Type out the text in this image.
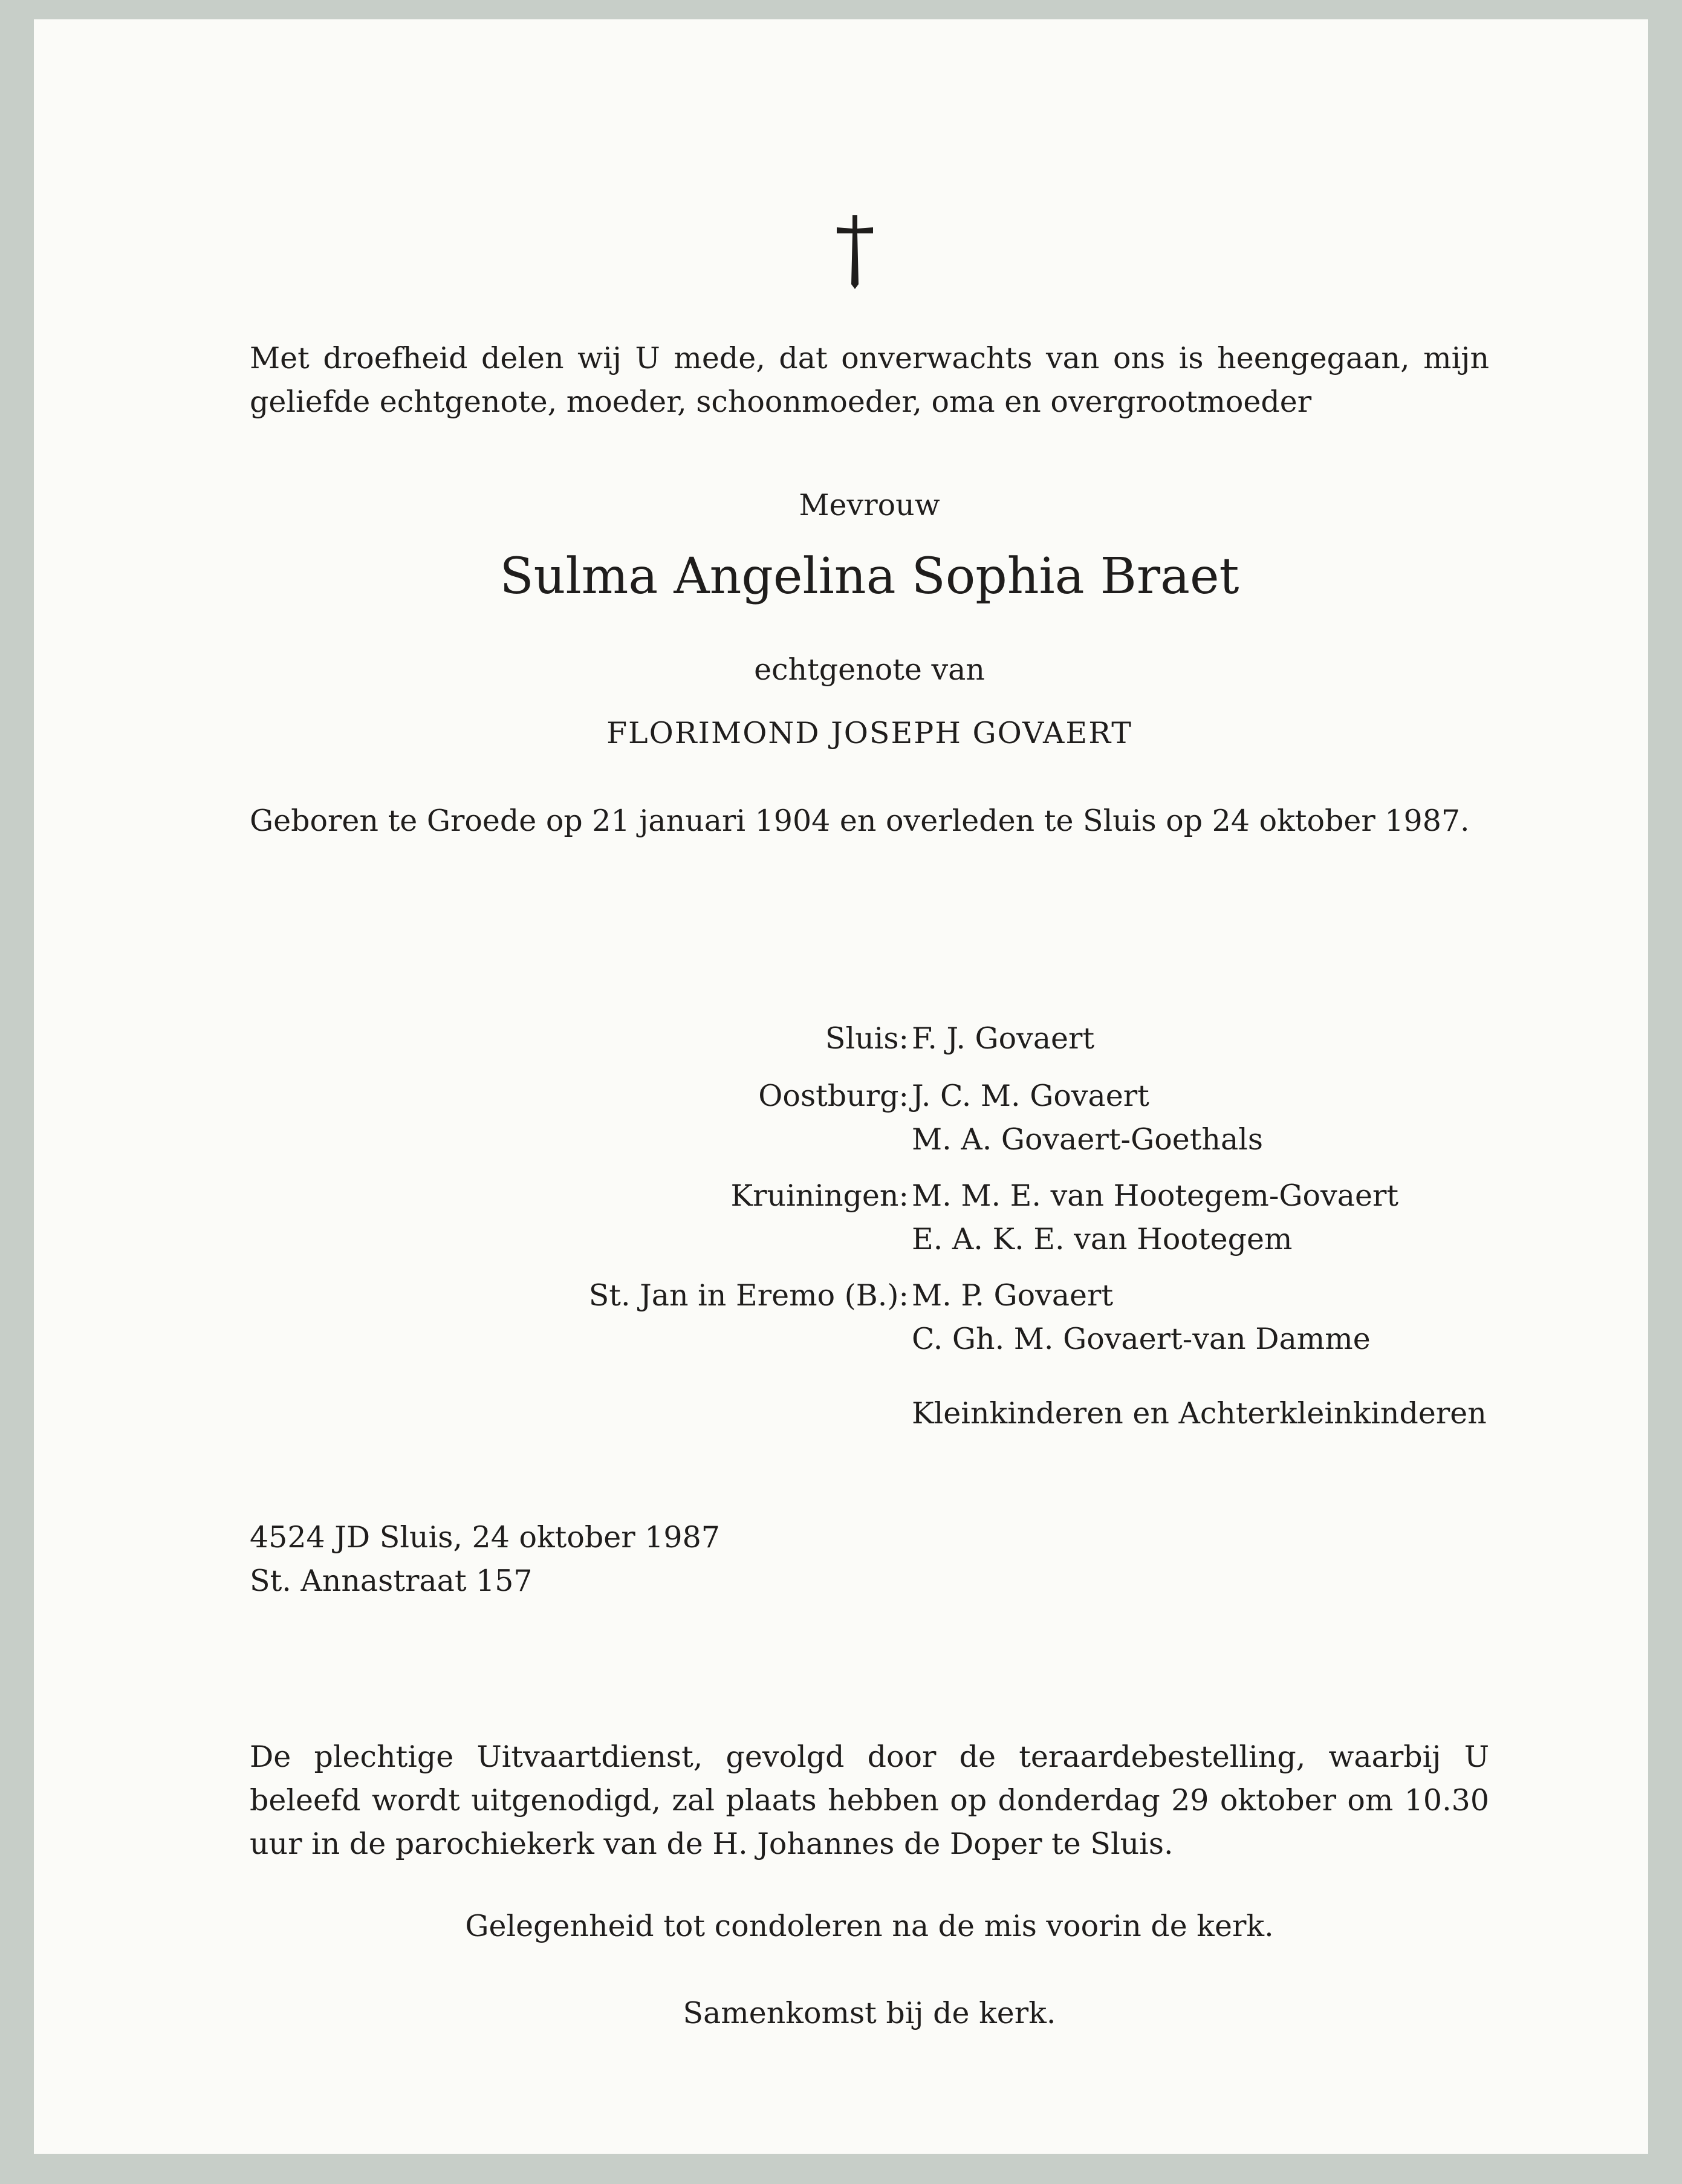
Met droefheid delen wij U mede, dat onverwachts van ons is heengegaan, mijn geliefde echtgenote, moeder, schoonmoeder, oma en overgrootmoeder
Mevrouw
Sulma Angelina Sophia Braet
echtgenote van
FLORIMOND JOSEPH GOVAERT
Geboren te Groede op 21 januari 1904 en overleden te Sluis op 24 oktober 1987.
Sluis: F. J. Govaert
Oostburg: J. C. M. Govaert
M. A. Govaert-Goethals
Kruiningen: M. M. E. van Hootegem-Govaert
E. A. K. E. van Hootegem
St. Jan in Eremo (B.): M. P. Govaert
C. Gh. M. Govaert-van Damme
Kleinkinderen en Achterkleinkinderen
4524 JD Sluis, 24 oktober 1987
St. Annastraat 157
De plechtige Uitvaartdienst, gevolgd door de teraardebestelling, waarbij U beleefd wordt uitgenodigd, zal plaats hebben op donderdag 29 oktober om 10.30 uur in de parochiekerk van de H. Johannes de Doper te Sluis.
Gelegenheid tot condoleren na de mis voorin de kerk.
Samenkomst bij de kerk.
